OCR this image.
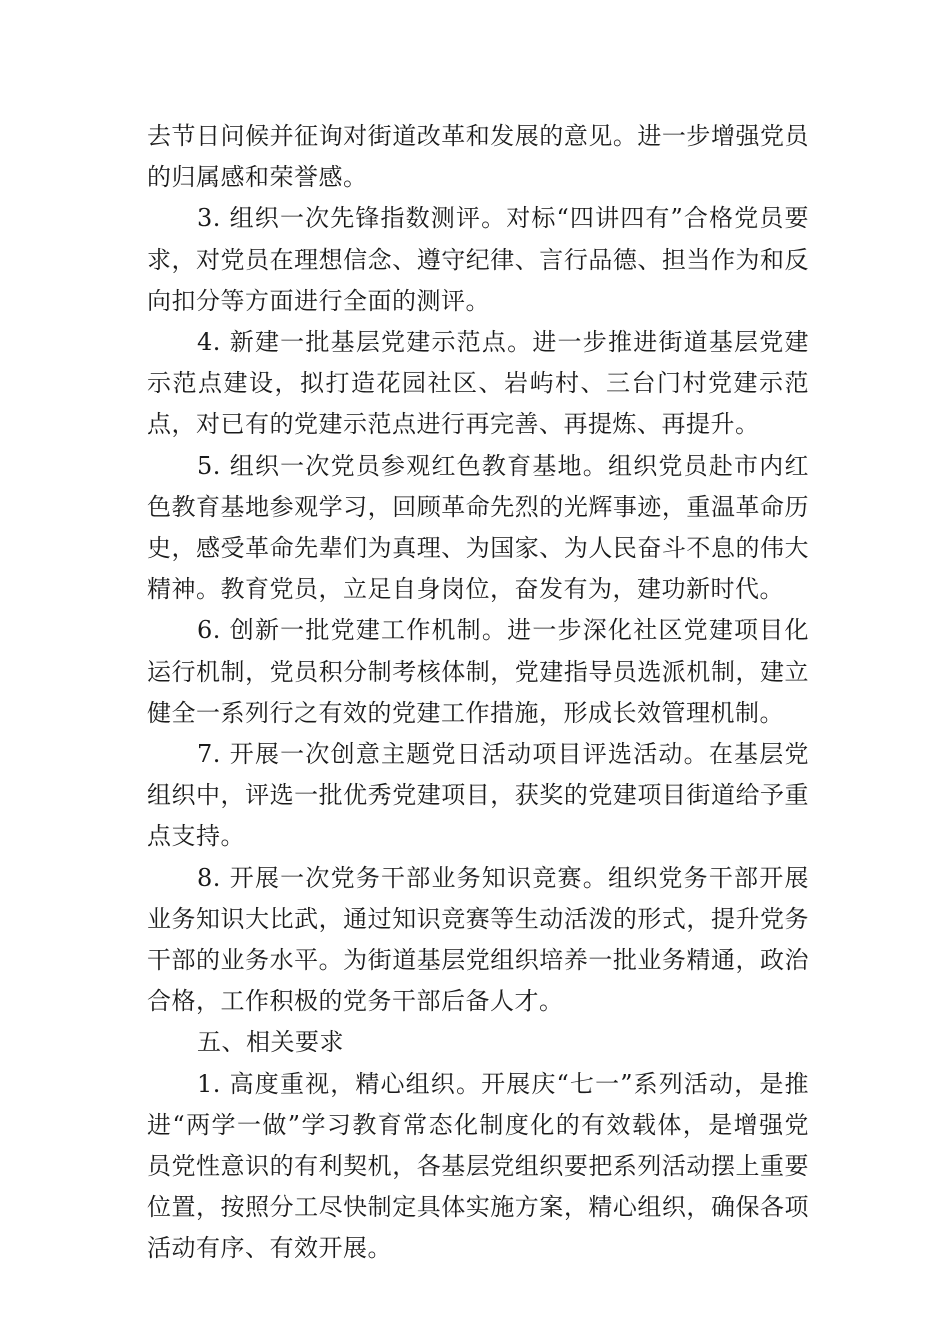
去节日问候并征询对街道改革和发展的意见。进一步增强党员的归属感和荣誉感。

3. 组织一次先锋指数测评。对标“四讲四有”合格党员要求，对党员在理想信念、遵守纪律、言行品德、担当作为和反向扣分等方面进行全面的测评。

4. 新建一批基层党建示范点。进一步推进街道基层党建示范点建设，拟打造花园社区、岩屿村、三台门村党建示范点，对已有的党建示范点进行再完善、再提炼、再提升。

5. 组织一次党员参观红色教育基地。组织党员赴市内红色教育基地参观学习，回顾革命先烈的光辉事迹，重温革命历史，感受革命先辈们为真理、为国家、为人民奋斗不息的伟大精神。教育党员，立足自身岗位，奋发有为，建功新时代。

6. 创新一批党建工作机制。进一步深化社区党建项目化运行机制，党员积分制考核体制，党建指导员选派机制，建立健全一系列行之有效的党建工作措施，形成长效管理机制。

7. 开展一次创意主题党日活动项目评选活动。在基层党组织中，评选一批优秀党建项目，获奖的党建项目街道给予重点支持。

8. 开展一次党务干部业务知识竞赛。组织党务干部开展业务知识大比武，通过知识竞赛等生动活泼的形式，提升党务干部的业务水平。为街道基层党组织培养一批业务精通，政治合格，工作积极的党务干部后备人才。

五、相关要求

1. 高度重视，精心组织。开展庆“七一”系列活动，是推进“两学一做”学习教育常态化制度化的有效载体，是增强党员党性意识的有利契机，各基层党组织要把系列活动摆上重要位置，按照分工尽快制定具体实施方案，精心组织，确保各项活动有序、有效开展。
